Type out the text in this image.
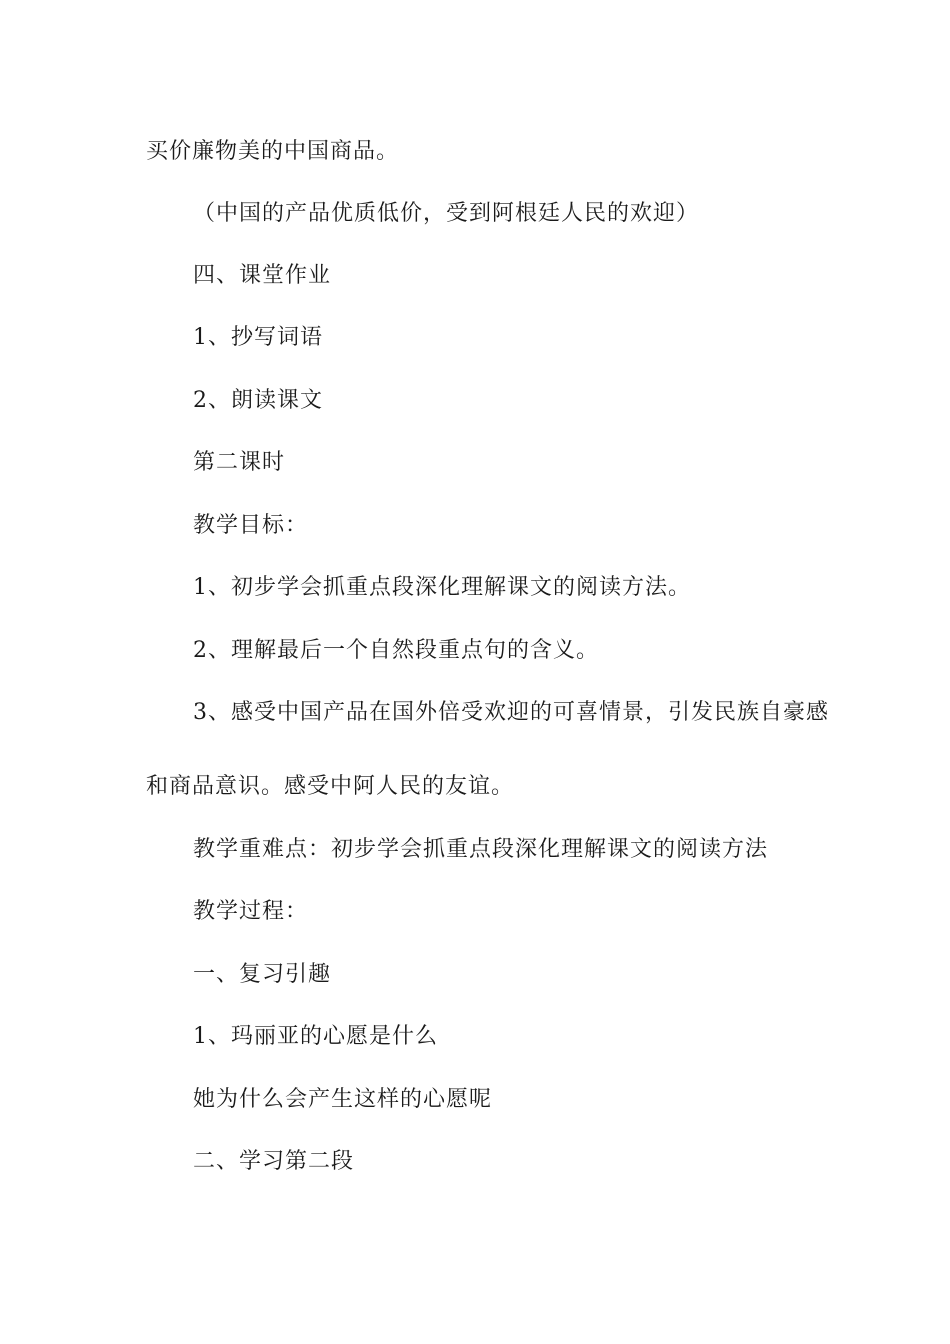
买价廉物美的中国商品。
（中国的产品优质低价，受到阿根廷人民的欢迎）
四、课堂作业
1、抄写词语
2、朗读课文
第二课时
教学目标：
1、初步学会抓重点段深化理解课文的阅读方法。
2、理解最后一个自然段重点句的含义。
3、感受中国产品在国外倍受欢迎的可喜情景，引发民族自豪感
和商品意识。感受中阿人民的友谊。
教学重难点：初步学会抓重点段深化理解课文的阅读方法
教学过程：
一、复习引趣
1、玛丽亚的心愿是什么
她为什么会产生这样的心愿呢
二、学习第二段
